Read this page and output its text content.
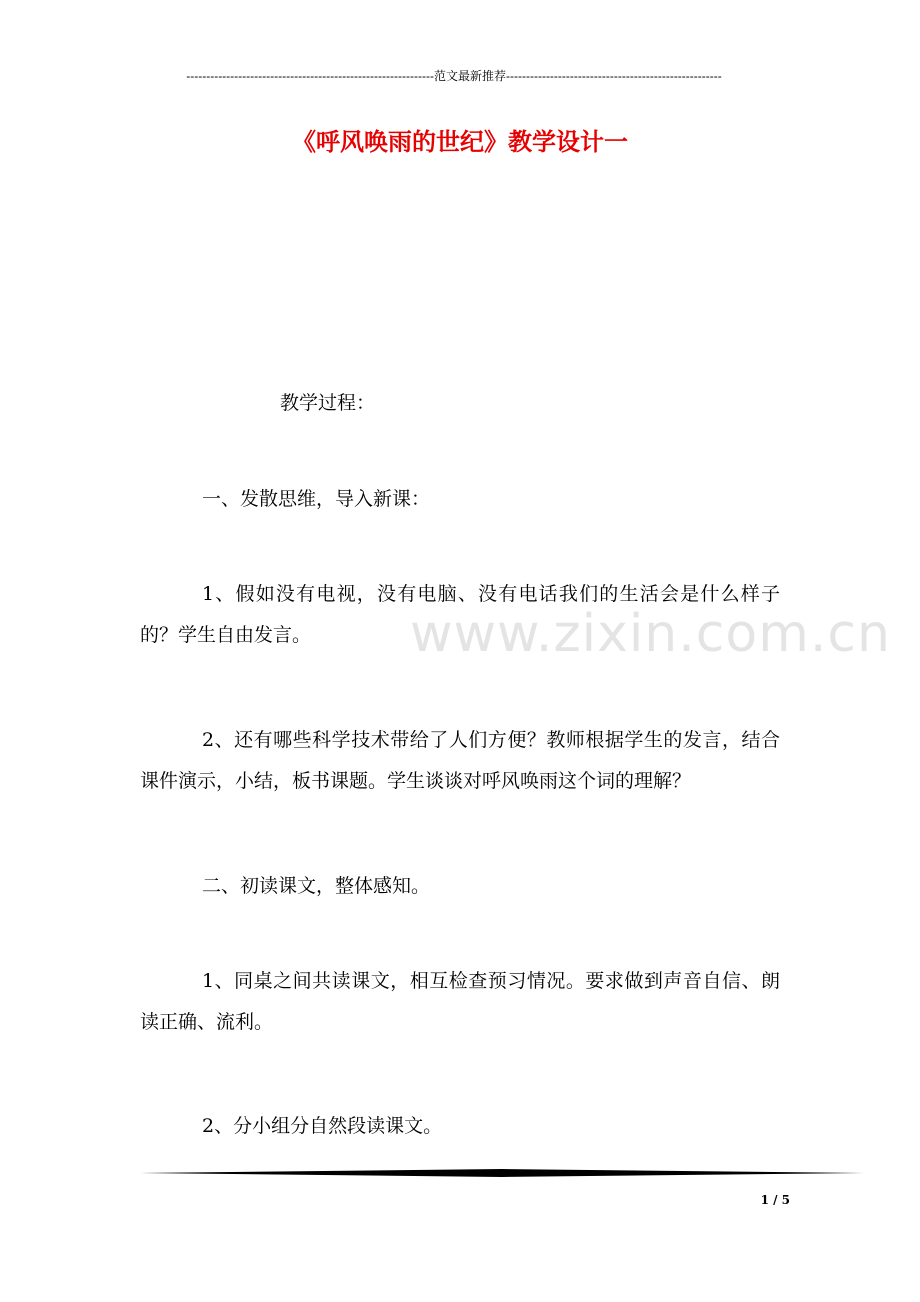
--------------------------------------------------------------范文最新推荐------------------------------------------------------
《呼风唤雨的世纪》教学设计一

教学过程：

一、发散思维，导入新课：

1、假如没有电视，没有电脑、没有电话我们的生活会是什么样子的？学生自由发言。

2、还有哪些科学技术带给了人们方便？教师根据学生的发言，结合课件演示，小结，板书课题。学生谈谈对呼风唤雨这个词的理解？

二、初读课文，整体感知。

1、同桌之间共读课文，相互检查预习情况。要求做到声音自信、朗读正确、流利。

2、分小组分自然段读课文。

www.zixin.com.cn
1 / 5
